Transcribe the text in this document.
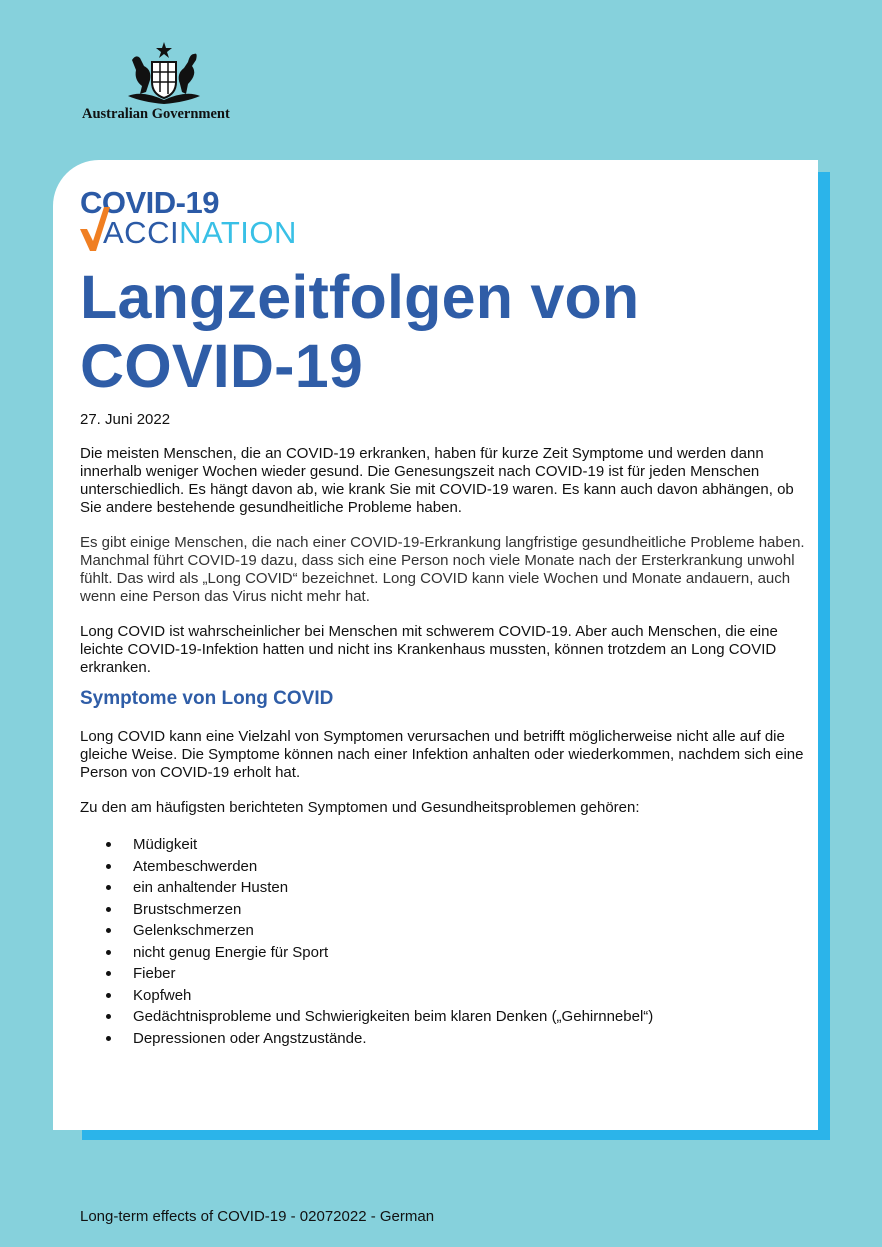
Australian Government
COVID-19
ACCINATION
Langzeitfolgen von COVID-19
27. Juni 2022

Die meisten Menschen, die an COVID-19 erkranken, haben für kurze Zeit Symptome und werden dann innerhalb weniger Wochen wieder gesund. Die Genesungszeit nach COVID-19 ist für jeden Menschen unterschiedlich. Es hängt davon ab, wie krank Sie mit COVID-19 waren. Es kann auch davon abhängen, ob Sie andere bestehende gesundheitliche Probleme haben.

Es gibt einige Menschen, die nach einer COVID-19-Erkrankung langfristige gesundheitliche Probleme haben. Manchmal führt COVID-19 dazu, dass sich eine Person noch viele Monate nach der Ersterkrankung unwohl fühlt. Das wird als „Long COVID“ bezeichnet. Long COVID kann viele Wochen und Monate andauern, auch wenn eine Person das Virus nicht mehr hat.

Long COVID ist wahrscheinlicher bei Menschen mit schwerem COVID-19. Aber auch Menschen, die eine leichte COVID-19-Infektion hatten und nicht ins Krankenhaus mussten, können trotzdem an Long COVID erkranken.

Symptome von Long COVID

Long COVID kann eine Vielzahl von Symptomen verursachen und betrifft möglicherweise nicht alle auf die gleiche Weise. Die Symptome können nach einer Infektion anhalten oder wiederkommen, nachdem sich eine Person von COVID-19 erholt hat.

Zu den am häufigsten berichteten Symptomen und Gesundheitsproblemen gehören:

Müdigkeit
Atembeschwerden
ein anhaltender Husten
Brustschmerzen
Gelenkschmerzen
nicht genug Energie für Sport
Fieber
Kopfweh
Gedächtnisprobleme und Schwierigkeiten beim klaren Denken („Gehirnnebel“)
Depressionen oder Angstzustände.
Long-term effects of COVID-19 - 02072022 - German
